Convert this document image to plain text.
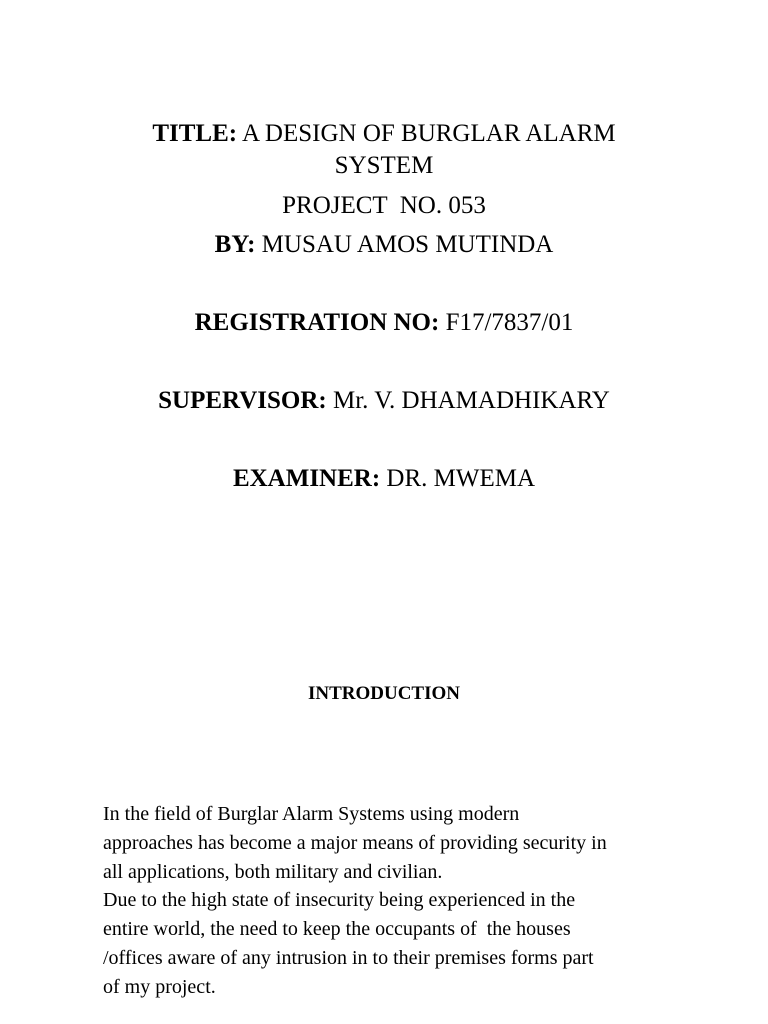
TITLE: A DESIGN OF BURGLAR ALARM
SYSTEM
PROJECT  NO. 053
BY: MUSAU AMOS MUTINDA
REGISTRATION NO: F17/7837/01
SUPERVISOR: Mr. V. DHAMADHIKARY
EXAMINER: DR. MWEMA
INTRODUCTION
In the field of Burglar Alarm Systems using modern
approaches has become a major means of providing security in
all applications, both military and civilian.
Due to the high state of insecurity being experienced in the
entire world, the need to keep the occupants of  the houses
/offices aware of any intrusion in to their premises forms part
of my project.
